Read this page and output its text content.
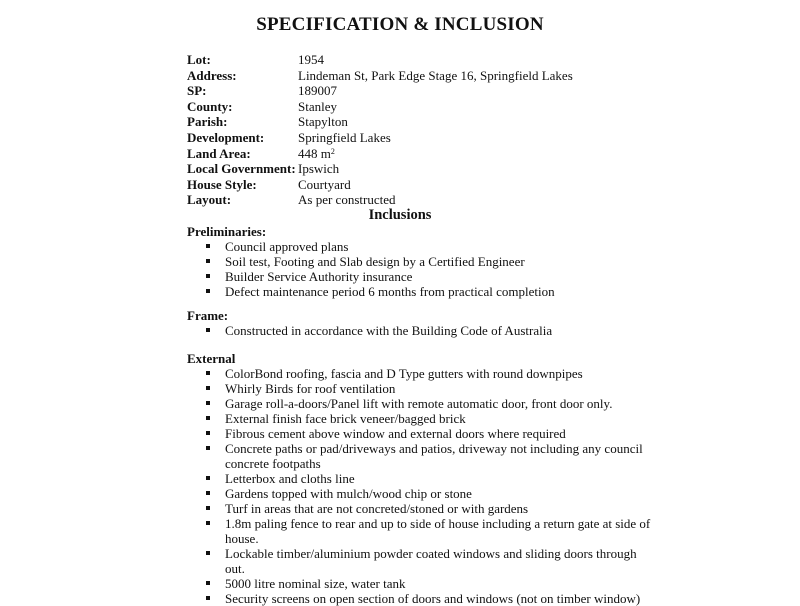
SPECIFICATION & INCLUSION
Lot:	1954
Address:	Lindeman St, Park Edge Stage 16, Springfield Lakes
SP:	189007
County:	Stanley
Parish:	Stapylton
Development:	Springfield Lakes
Land Area:	448 $m^2$
Local Government: Ipswich
House Style:	Courtyard
Layout:	As per constructed
Inclusions
Preliminaries:
Council approved plans
Soil test, Footing and Slab design by a Certified Engineer
Builder Service Authority insurance
Defect maintenance period 6 months from practical completion
Frame:
Constructed in accordance with the Building Code of Australia
External
ColorBond roofing, fascia and D Type gutters with round downpipes
Whirly Birds for roof ventilation
Garage roll-a-doors/Panel lift with remote automatic door, front door only.
External finish face brick veneer/bagged brick
Fibrous cement above window and external doors where required
Concrete paths or pad/driveways and patios, driveway not including any council concrete footpaths
Letterbox and cloths line
Gardens topped with mulch/wood chip or stone
Turf in areas that are not concreted/stoned or with gardens
1.8m paling fence to rear and up to side of house including a return gate at side of house.
Lockable timber/aluminium powder coated windows and sliding doors through out.
5000 litre nominal size, water tank
Security screens on open section of doors and windows (not on timber window)
